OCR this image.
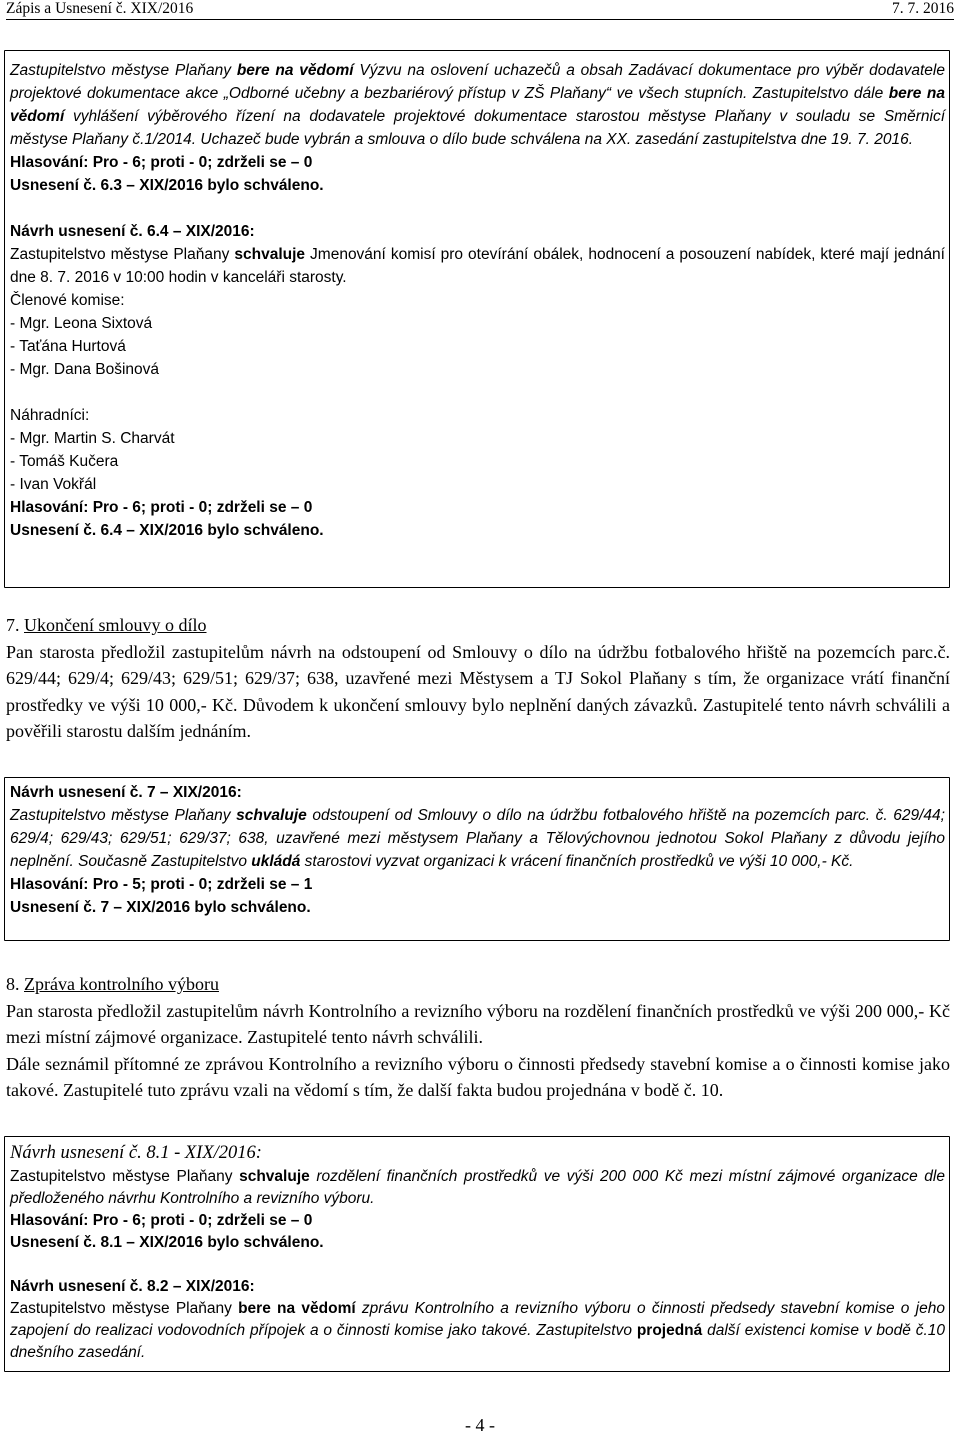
Zápis a Usnesení č. XIX/2016	7. 7. 2016

Zastupitelstvo městyse Plaňany bere na vědomí Výzvu na oslovení uchazečů a obsah Zadávací dokumentace pro výběr dodavatele projektové dokumentace akce „Odborné učebny a bezbariérový přístup v ZŠ Plaňany“ ve všech stupních. Zastupitelstvo dále bere na vědomí vyhlášení výběrového řízení na dodavatele projektové dokumentace starostou městyse Plaňany v souladu se Směrnicí městyse Plaňany č.1/2014. Uchazeč bude vybrán a smlouva o dílo bude schválena na XX. zasedání zastupitelstva dne 19. 7. 2016.

Hlasování: Pro - 6; proti - 0; zdrželi se – 0

Usnesení č. 6.3 – XIX/2016 bylo schváleno.

Návrh usnesení č. 6.4 – XIX/2016:

Zastupitelstvo městyse Plaňany schvaluje Jmenování komisí pro otevírání obálek, hodnocení a posouzení nabídek, které mají jednání dne 8. 7. 2016 v 10:00 hodin v kanceláři starosty.

Členové komise:

- Mgr. Leona Sixtová

- Taťána Hurtová

- Mgr. Dana Bošinová

Náhradníci:

- Mgr. Martin S. Charvát

- Tomáš Kučera

- Ivan Vokřál

Hlasování: Pro - 6; proti - 0; zdrželi se – 0

Usnesení č. 6.4 – XIX/2016 bylo schváleno.

7. Ukončení smlouvy o dílo

Pan starosta předložil zastupitelům návrh na odstoupení od Smlouvy o dílo na údržbu fotbalového hřiště na pozemcích parc.č. 629/44; 629/4; 629/43; 629/51; 629/37; 638, uzavřené mezi Městysem a TJ Sokol Plaňany s tím, že organizace vrátí finanční prostředky ve výši 10 000,- Kč. Důvodem k ukončení smlouvy bylo neplnění daných závazků. Zastupitelé tento návrh schválili a pověřili starostu dalším jednáním.

Návrh usnesení č. 7 – XIX/2016:

Zastupitelstvo městyse Plaňany schvaluje odstoupení od Smlouvy o dílo na údržbu fotbalového hřiště na pozemcích parc. č. 629/44; 629/4; 629/43; 629/51; 629/37; 638, uzavřené mezi městysem Plaňany a Tělovýchovnou jednotou Sokol Plaňany z důvodu jejího neplnění. Současně Zastupitelstvo ukládá starostovi vyzvat organizaci k vrácení finančních prostředků ve výši 10 000,- Kč.

Hlasování: Pro - 5; proti - 0; zdrželi se – 1

Usnesení č. 7 – XIX/2016 bylo schváleno.

8. Zpráva kontrolního výboru

Pan starosta předložil zastupitelům návrh Kontrolního a revizního výboru na rozdělení finančních prostředků ve výši 200 000,- Kč mezi místní zájmové organizace. Zastupitelé tento návrh schválili.

Dále seznámil přítomné ze zprávou Kontrolního a revizního výboru o činnosti předsedy stavební komise a o činnosti komise jako takové. Zastupitelé tuto zprávu vzali na vědomí s tím, že další fakta budou projednána v bodě č. 10.

Návrh usnesení č. 8.1 - XIX/2016:

Zastupitelstvo městyse Plaňany schvaluje rozdělení finančních prostředků ve výši 200 000 Kč mezi místní zájmové organizace dle předloženého návrhu Kontrolního a revizního výboru.

Hlasování: Pro - 6; proti - 0; zdrželi se – 0

Usnesení č. 8.1 – XIX/2016 bylo schváleno.

Návrh usnesení č. 8.2 – XIX/2016:

Zastupitelstvo městyse Plaňany bere na vědomí zprávu Kontrolního a revizního výboru o činnosti předsedy stavební komise o jeho zapojení do realizaci vodovodních přípojek a o činnosti komise jako takové. Zastupitelstvo projedná další existenci komise v bodě č.10 dnešního zasedání.

- 4 -
